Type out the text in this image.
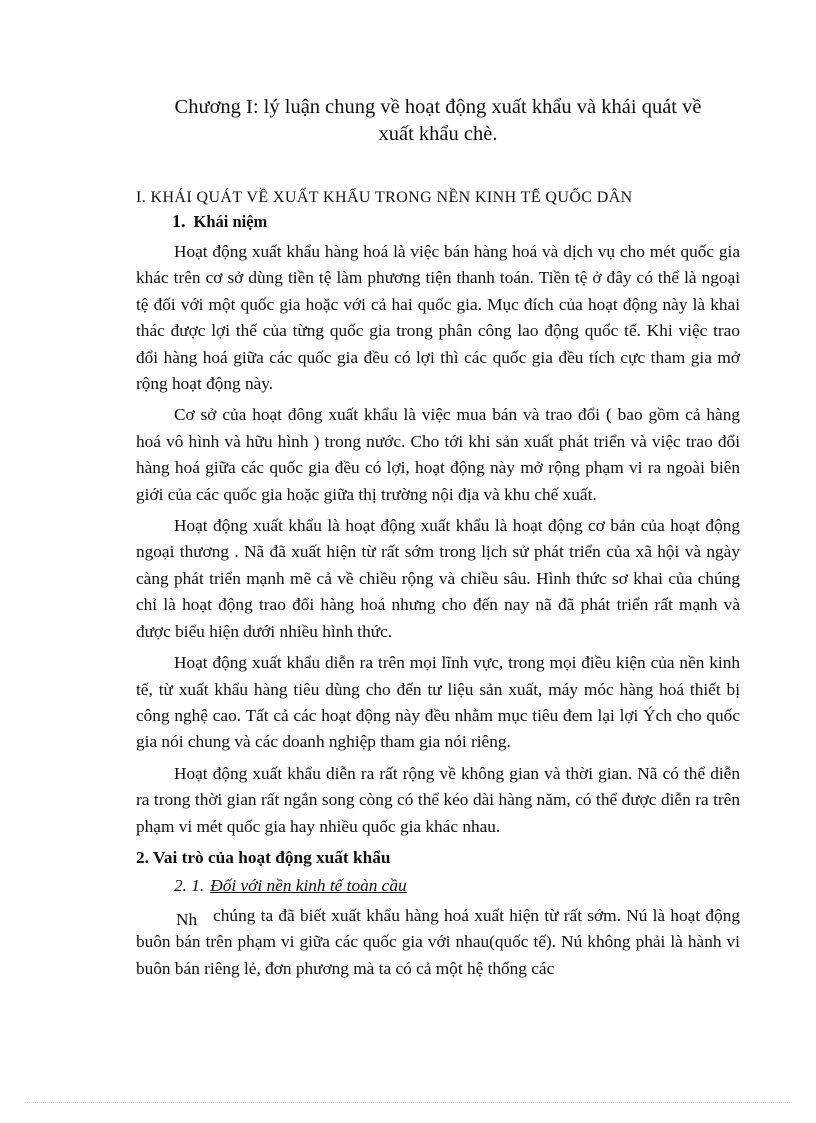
Chương I: lý luận chung về hoạt động xuất khẩu và khái quát về
xuất khẩu chè.
I. KHÁI QUÁT VỀ XUẤT KHẨU TRONG NỀN KINH TẾ QUỐC DÂN
1. Khái niệm

Hoạt động xuất khẩu hàng hoá là việc bán hàng hoá và dịch vụ cho mét quốc gia khác trên cơ sở dùng tiền tệ làm phương tiện thanh toán. Tiền tệ ở đây có thể là ngoại tệ đối với một quốc gia hoặc với cả hai quốc gia. Mục đích của hoạt động này là khai thác được lợi thế của từng quốc gia trong phân công lao động quốc tế. Khi việc trao đổi hàng hoá giữa các quốc gia đều có lợi thì các quốc gia đều tích cực tham gia mở rộng hoạt động này.

Cơ sở của hoạt đông xuất khẩu là việc mua bán và trao đổi ( bao gồm cả hàng hoá vô hình và hữu hình ) trong nước. Cho tới khi sản xuất phát triển và việc trao đổi hàng hoá giữa các quốc gia đều có lợi, hoạt động này mở rộng phạm vi ra ngoài biên giới của các quốc gia hoặc giữa thị trường nội địa và khu chế xuất.

Hoạt động xuất khẩu là hoạt động xuất khẩu là hoạt động cơ bản của hoạt động ngoại thương . Nã đã xuất hiện từ rất sớm trong lịch sử phát triển của xã hội và ngày càng phát triển mạnh mẽ cả về chiều rộng và chiều sâu. Hình thức sơ khai của chúng chỉ là hoạt động trao đổi hàng hoá nhưng cho đến nay nã đã phát triển rất mạnh và được biểu hiện dưới nhiều hình thức.

Hoạt động xuất khẩu diễn ra trên mọi lĩnh vực, trong mọi điều kiện của nền kinh tế, từ xuất khẩu hàng tiêu dùng cho đến tư liệu sản xuất, máy móc hàng hoá thiết bị công nghệ cao. Tất cả các hoạt động này đều nhằm mục tiêu đem lại lợi Ých cho quốc gia nói chung và các doanh nghiệp tham gia nói riêng.

Hoạt động xuất khẩu diễn ra rất rộng về không gian và thời gian. Nã có thể diễn ra trong thời gian rất ngắn song còng có thể kéo dài hàng năm, có thể được diễn ra trên phạm vi mét quốc gia hay nhiều quốc gia khác nhau.

2. Vai trò của hoạt động xuất khẩu
2. 1. Đối với nền kinh tế toàn cầu

Nh chúng ta đã biết xuất khẩu hàng hoá xuất hiện từ rất sớm. Nú là hoạt động buôn bán trên phạm vi giữa các quốc gia với nhau(quốc tế). Nú không phải là hành vi buôn bán riêng lẻ, đơn phương mà ta có cả một hệ thống các
